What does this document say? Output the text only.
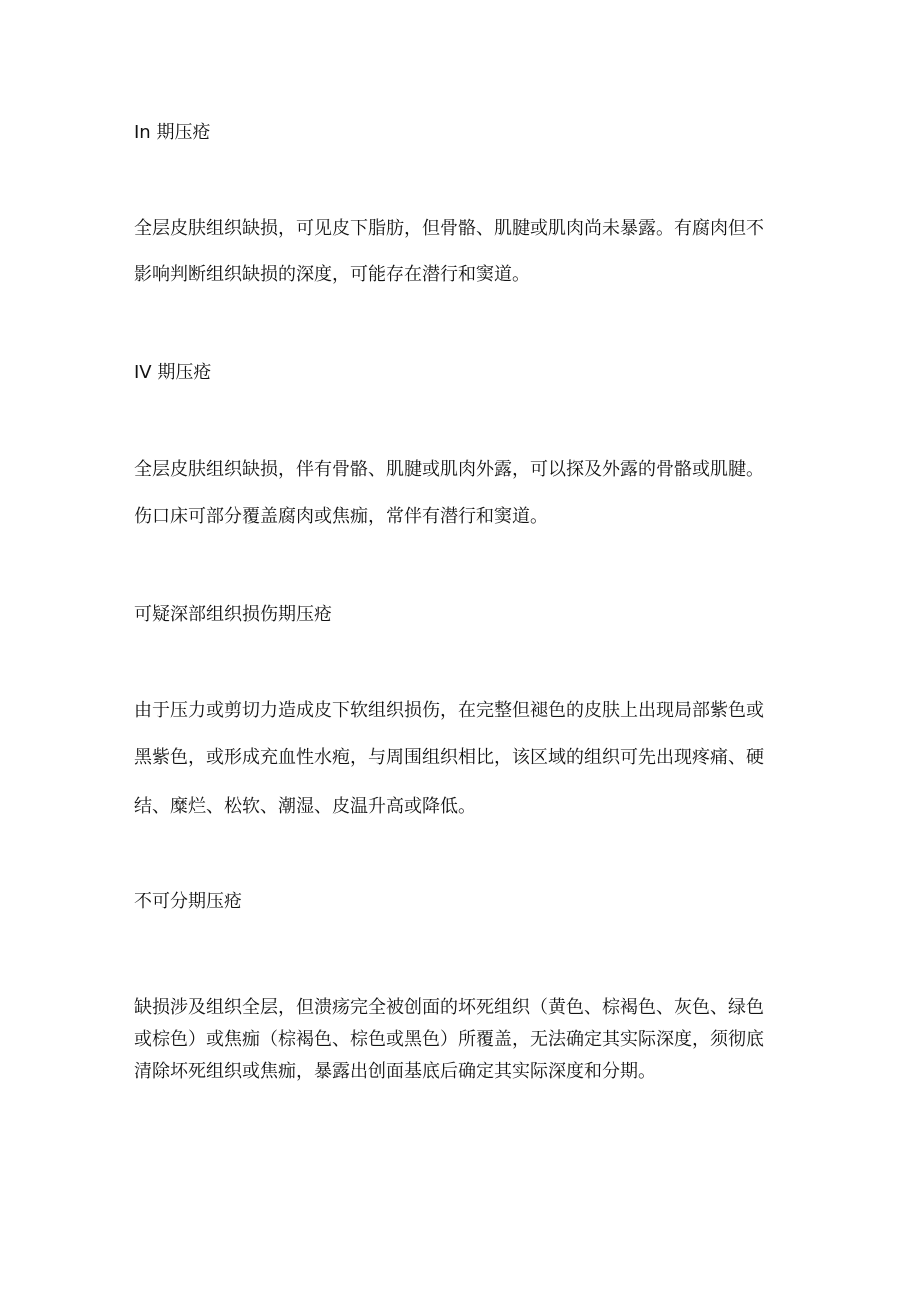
In 期压疮
全层皮肤组织缺损，可见皮下脂肪，但骨骼、肌腱或肌肉尚未暴露。有腐肉但不
影响判断组织缺损的深度，可能存在潜行和窦道。
IV 期压疮
全层皮肤组织缺损，伴有骨骼、肌腱或肌肉外露，可以探及外露的骨骼或肌腱。
伤口床可部分覆盖腐肉或焦痂，常伴有潜行和窦道。
可疑深部组织损伤期压疮
由于压力或剪切力造成皮下软组织损伤，在完整但褪色的皮肤上出现局部紫色或
黑紫色，或形成充血性水疱，与周围组织相比，该区域的组织可先出现疼痛、硬
结、糜烂、松软、潮湿、皮温升高或降低。
不可分期压疮
缺损涉及组织全层，但溃疡完全被创面的坏死组织（黄色、棕褐色、灰色、绿色
或棕色）或焦痂（棕褐色、棕色或黑色）所覆盖，无法确定其实际深度，须彻底
清除坏死组织或焦痂，暴露出创面基底后确定其实际深度和分期。
